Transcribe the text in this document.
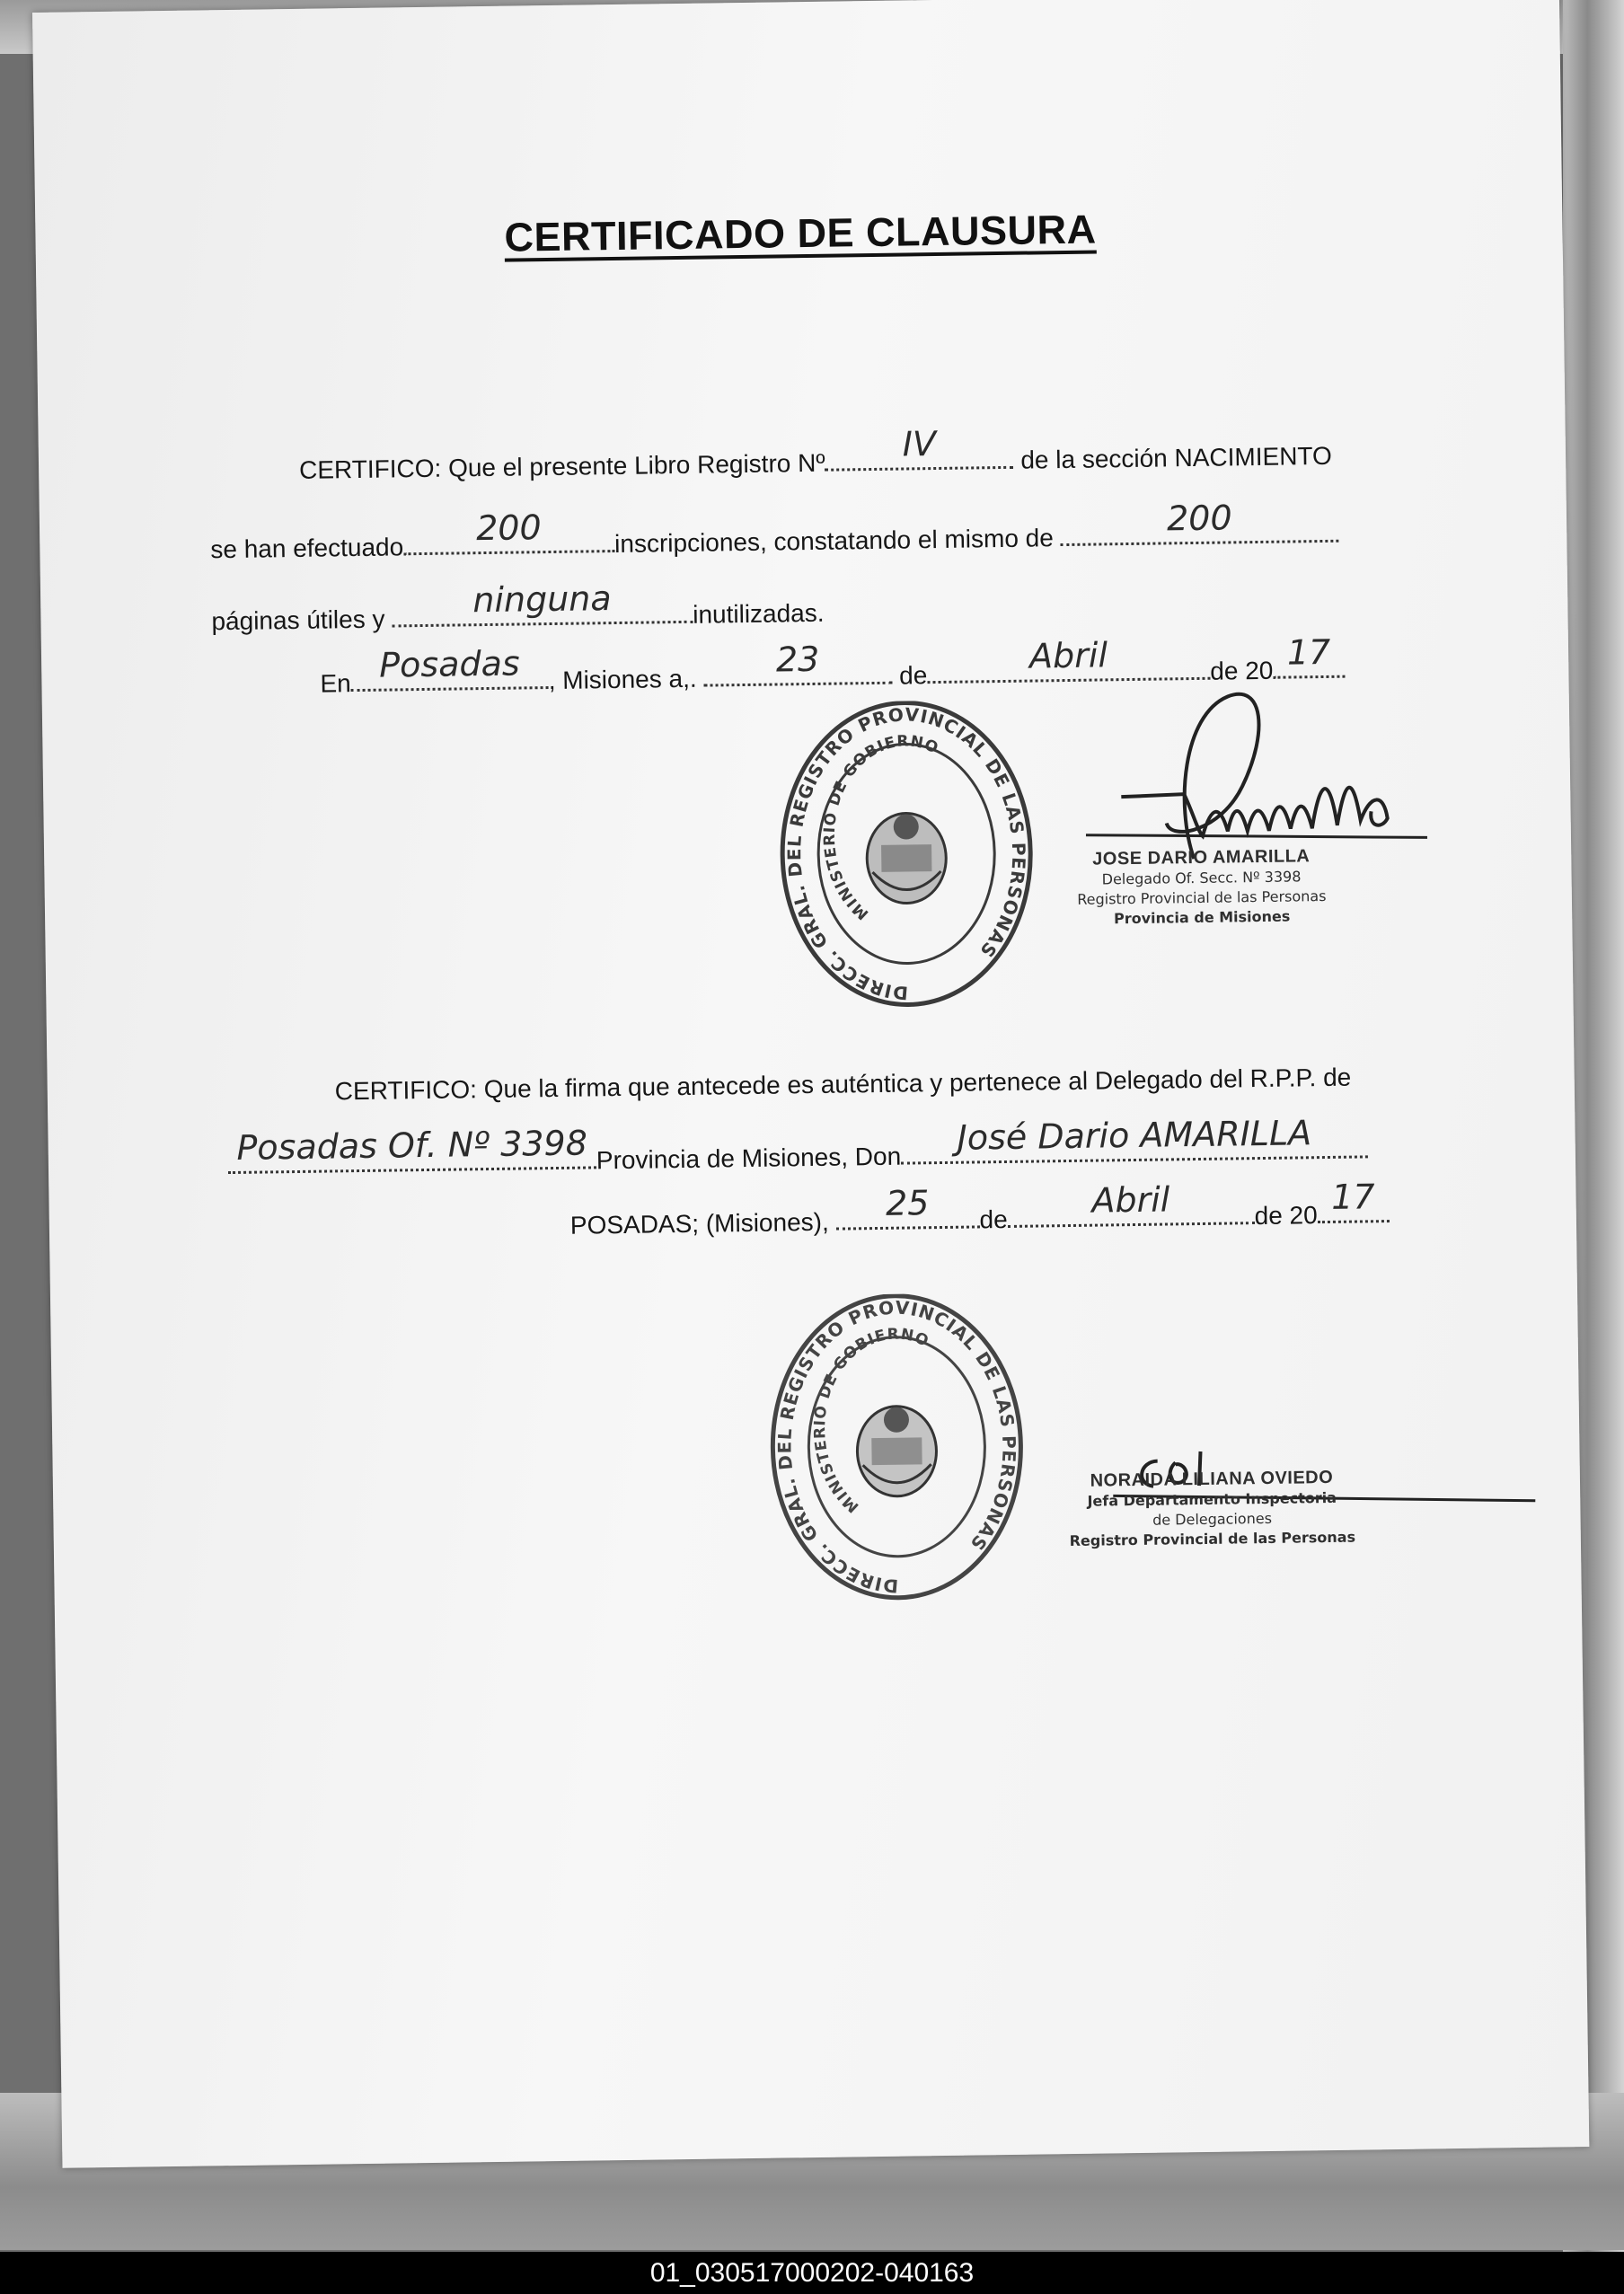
CERTIFICADO DE CLAUSURA
CERTIFICO: Que el presente Libro Registro Nº
IV	de la sección NACIMIENTO
se han efectuado
200	inscripciones, constatando el mismo de
200
páginas útiles y
ninguna	inutilizadas.
En Posadas , Misiones a,. 23	de	Abril	de 20 17
DIRECC. GRAL. DEL REGISTRO PROVINCIAL DE LAS PERSONAS
MINISTERIO DE GOBIERNO
JOSE DARIO AMARILLA
Delegado Of. Secc. Nº 3398
Registro Provincial de las Personas
Provincia de Misiones
CERTIFICO: Que la firma que antecede es auténtica y pertenece al Delegado del R.P.P. de
Posadas Of. Nº 3398 Provincia de Misiones, Don
José Dario AMARILLA
POSADAS; (Misiones),
25 de Abril	de 20 17
DIRECC. GRAL. DEL REGISTRO PROVINCIAL DE LAS PERSONAS
MINISTERIO DE GOBIERNO
NORAIDA LILIANA OVIEDO
Jefa Departamento Inspectoria
de Delegaciones
Registro Provincial de las Personas
01_030517000202-040163
